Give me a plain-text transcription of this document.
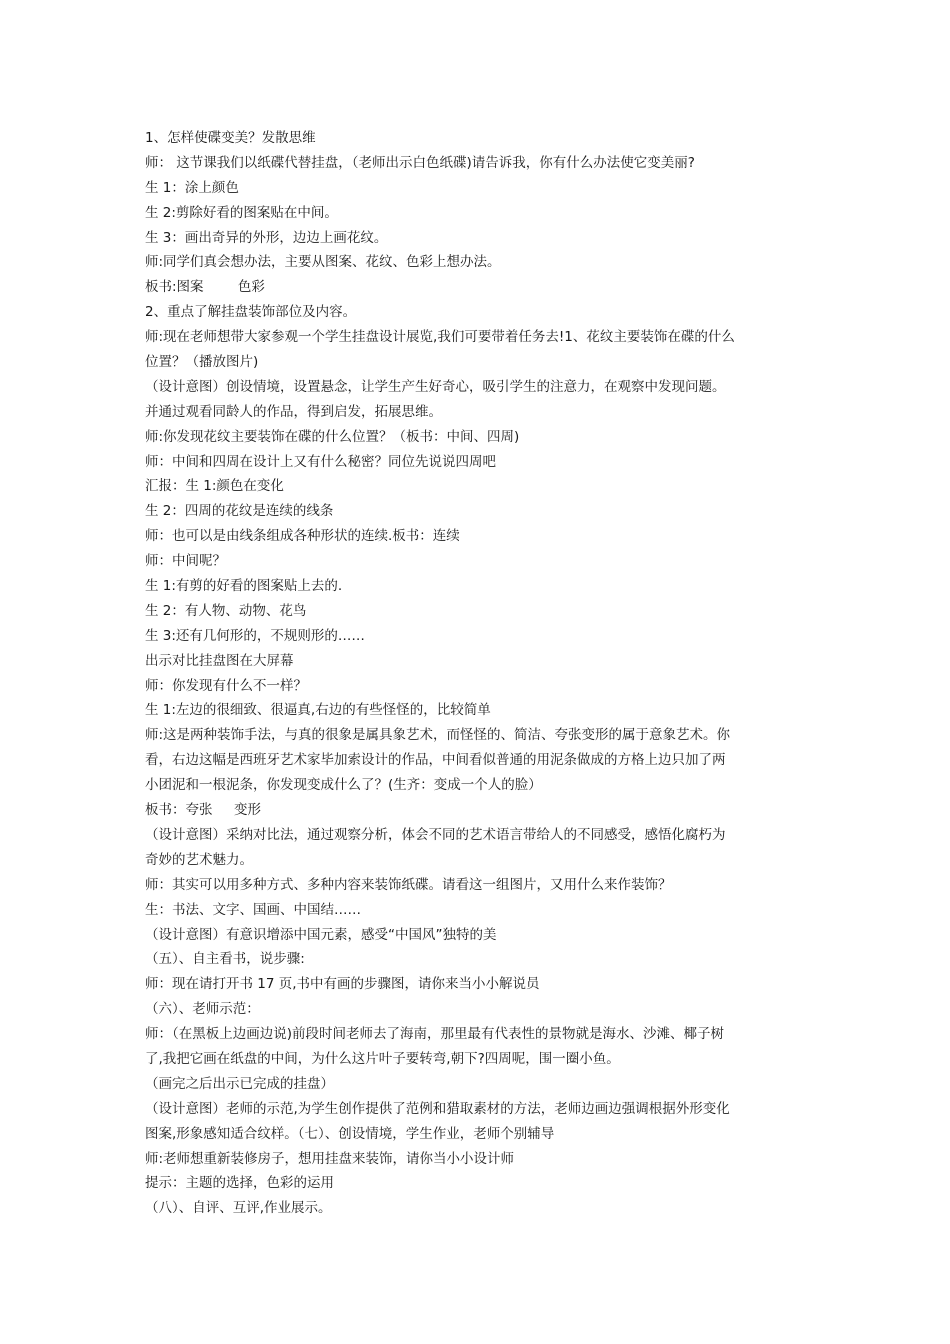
1、怎样使碟变美？发散思维
师： 这节课我们以纸碟代替挂盘，（老师出示白色纸碟)请告诉我，你有什么办法使它变美丽?
生 1：涂上颜色
生 2:剪除好看的图案贴在中间。
生 3：画出奇异的外形，边边上画花纹。
师:同学们真会想办法，主要从图案、花纹、色彩上想办法。
板书:图案        色彩
2、重点了解挂盘装饰部位及内容。
师:现在老师想带大家参观一个学生挂盘设计展览,我们可要带着任务去!1、花纹主要装饰在碟的什么
位置？（播放图片)
（设计意图）创设情境，设置悬念，让学生产生好奇心，吸引学生的注意力，在观察中发现问题。
并通过观看同龄人的作品，得到启发，拓展思维。
师:你发现花纹主要装饰在碟的什么位置？（板书：中间、四周)
师：中间和四周在设计上又有什么秘密？同位先说说四周吧
汇报：生 1:颜色在变化
生 2：四周的花纹是连续的线条
师：也可以是由线条组成各种形状的连续.板书：连续
师：中间呢？
生 1:有剪的好看的图案贴上去的.
生 2：有人物、动物、花鸟
生 3:还有几何形的，不规则形的……
出示对比挂盘图在大屏幕
师：你发现有什么不一样？
生 1:左边的很细致、很逼真,右边的有些怪怪的，比较简单
师:这是两种装饰手法，与真的很象是属具象艺术，而怪怪的、简洁、夸张变形的属于意象艺术。你
看，右边这幅是西班牙艺术家毕加索设计的作品，中间看似普通的用泥条做成的方格上边只加了两
小团泥和一根泥条，你发现变成什么了？(生齐：变成一个人的脸）
板书：夸张     变形
（设计意图）采纳对比法，通过观察分析，体会不同的艺术语言带给人的不同感受，感悟化腐朽为
奇妙的艺术魅力。
师：其实可以用多种方式、多种内容来装饰纸碟。请看这一组图片，又用什么来作装饰？
生：书法、文字、国画、中国结……
（设计意图）有意识增添中国元素，感受“中国风”独特的美
（五）、自主看书，说步骤:
师：现在请打开书 17 页,书中有画的步骤图，请你来当小小解说员
（六）、老师示范：
师：（在黑板上边画边说)前段时间老师去了海南，那里最有代表性的景物就是海水、沙滩、椰子树
了,我把它画在纸盘的中间，为什么这片叶子要转弯,朝下?四周呢，围一圈小鱼。
（画完之后出示已完成的挂盘）
（设计意图）老师的示范,为学生创作提供了范例和猎取素材的方法，老师边画边强调根据外形变化
图案,形象感知适合纹样。（七）、创设情境，学生作业，老师个别辅导
师:老师想重新装修房子，想用挂盘来装饰，请你当小小设计师
提示：主题的选择，色彩的运用
（八）、自评、互评,作业展示。
